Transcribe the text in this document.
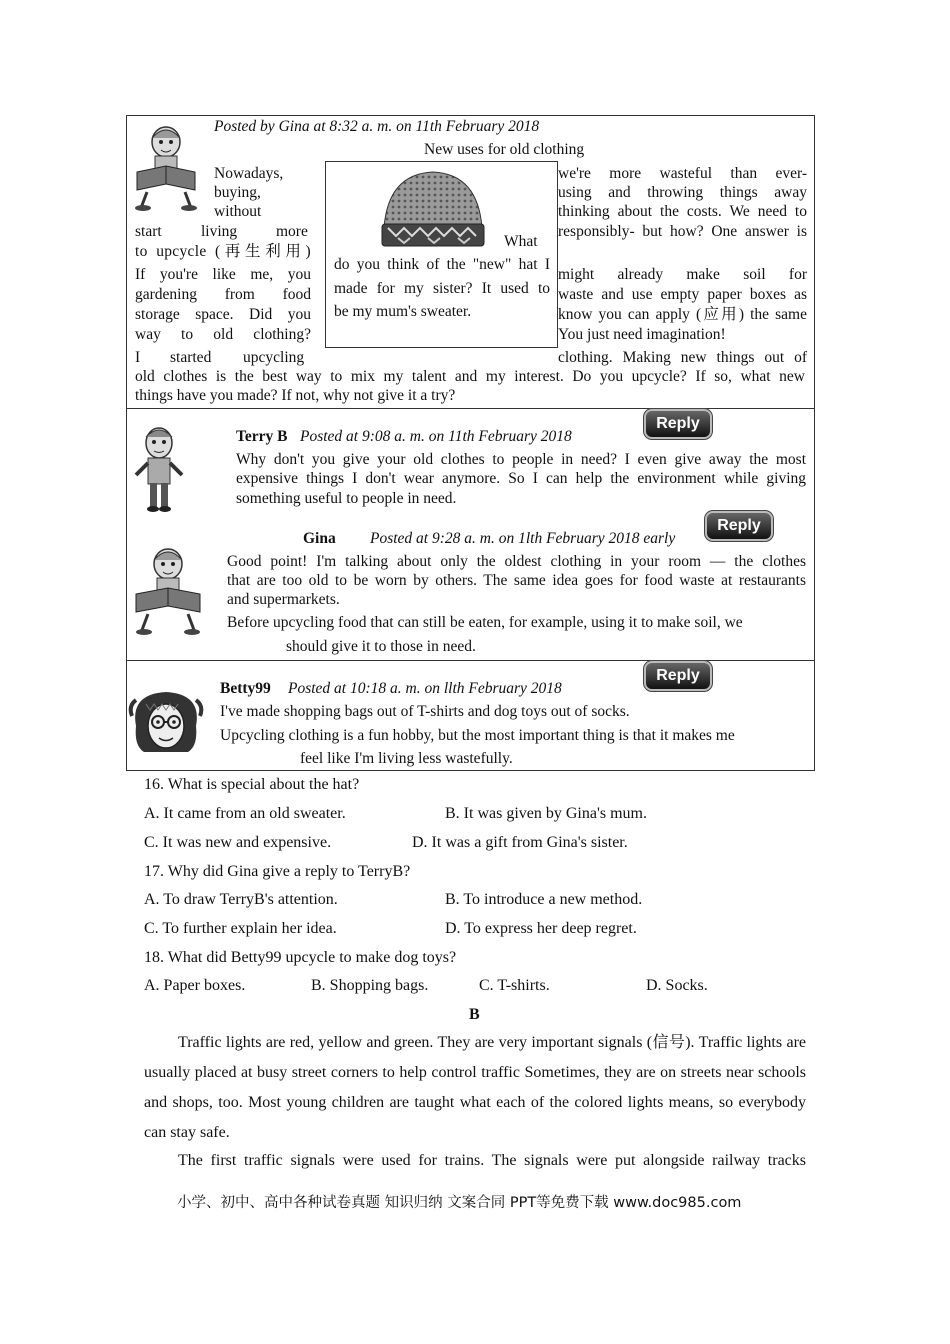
Posted by Gina at 8:32 a. m. on 11th February 2018
New uses for old clothing
Nowadays,
buying,
without
start	living	more
to upcycle (再生利用)
If you're like me, you
gardening from food
storage space. Did you
way to old clothing?
I started upcycling
What
do you think of the "new" hat I
made for my sister? It used to
be my mum's sweater.
we're more wasteful than ever-
using and throwing things away
thinking about the costs. We need to
responsibly- but how? One answer is
might already make soil for
waste and use empty paper boxes as
know you can apply (应用) the same
You just need imagination!
clothing. Making new things out of
old clothes is the best way to mix my talent and my interest. Do you upcycle? If so, what new
things have you made? If not, why not give it a try?
Terry B Posted at 9:08 a. m. on 11th February 2018
Reply
Why don't you give your old clothes to people in need? I even give away the most
expensive things I don't wear anymore. So I can help the environment while giving
something useful to people in need.
Gina Posted at 9:28 a. m. on 1lth February 2018 early
Reply
Good point! I'm talking about only the oldest clothing in your room — the clothes
that are too old to be worn by others. The same idea goes for food waste at restaurants
and supermarkets.
Before upcycling food that can still be eaten, for example, using it to make soil, we
should give it to those in need.
Betty99 Posted at 10:18 a. m. on llth February 2018
Reply
I've made shopping bags out of T-shirts and dog toys out of socks.
Upcycling clothing is a fun hobby, but the most important thing is that it makes me
feel like I'm living less wastefully.
16. What is special about the hat?
A. It came from an old sweater.	B. It was given by Gina's mum.
C. It was new and expensive.	D. It was a gift from Gina's sister.
17. Why did Gina give a reply to TerryB?
A. To draw TerryB's attention.	B. To introduce a new method.
C. To further explain her idea.	D. To express her deep regret.
18. What did Betty99 upcycle to make dog toys?
A. Paper boxes.	B. Shopping bags.	C. T-shirts.	D. Socks.
B
Traffic lights are red, yellow and green. They are very important signals (信号). Traffic lights are usually placed at busy street corners to help control traffic Sometimes, they are on streets near schools and shops, too. Most young children are taught what each of the colored lights means, so everybody can stay safe.
The first traffic signals were used for trains. The signals were put alongside railway tracks
小学、初中、高中各种试卷真题 知识归纳 文案合同 PPT等免费下载 www.doc985.com
